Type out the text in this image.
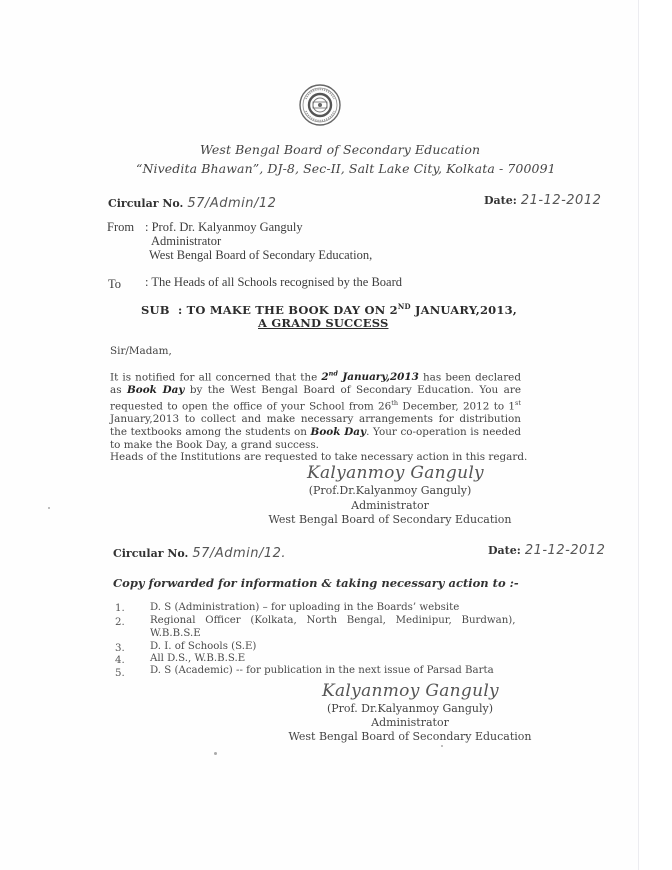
West Bengal Board of Secondary Education
“Nivedita Bhawan”, DJ-8, Sec-II, Salt Lake City, Kolkata - 700091
Circular No. 57/Admin/12	Date: 21-12-2012
From : Prof. Dr. Kalyanmoy Ganguly
Administrator
West Bengal Board of Secondary Education,
To : The Heads of all Schools recognised by the Board
SUB : TO MAKE THE BOOK DAY ON 2ND JANUARY,2013,
A GRAND SUCCESS
Sir/Madam,
It is notified for all concerned that the 2nd January,2013 has been declared as Book Day by the West Bengal Board of Secondary Education. You are requested to open the office of your School from 26th December, 2012 to 1st January,2013 to collect and make necessary arrangements for distribution the textbooks among the students on Book Day. Your co-operation is needed to make the Book Day, a grand success.
Heads of the Institutions are requested to take necessary action in this regard.
Kalyanmoy Ganguly
(Prof.Dr.Kalyanmoy Ganguly)
Administrator
West Bengal Board of Secondary Education
Circular No. 57/Admin/12.	Date: 21-12-2012
Copy forwarded for information & taking necessary action to :-
1. D. S (Administration) – for uploading in the Boards’ website
2. Regional   Officer   (Kolkata,   North   Bengal,   Medinipur,   Burdwan),
W.B.B.S.E
3. D. I. of Schools (S.E)
4. All D.S., W.B.B.S.E
5. D. S (Academic) -- for publication in the next issue of Parsad Barta
Kalyanmoy Ganguly
(Prof. Dr.Kalyanmoy Ganguly)
Administrator
West Bengal Board of Secondary Education
